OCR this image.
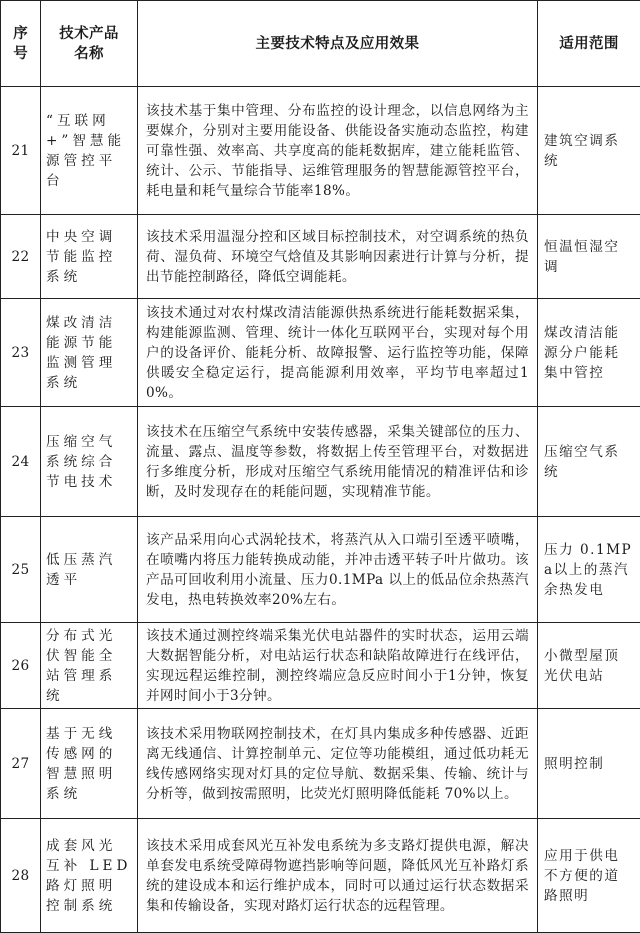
序号	技术产品名称	主要技术特点及应用效果	适用范围
21	“互联网+”智慧能源管控平台	该技术基于集中管理、分布监控的设计理念，以信息网络为主要媒介，分别对主要用能设备、供能设备实施动态监控，构建可靠性强、效率高、共享度高的能耗数据库，建立能耗监管、统计、公示、节能指导、运维管理服务的智慧能源管控平台，耗电量和耗气量综合节能率18%。	建筑空调系统
22	中央空调节能监控系统	该技术采用温湿分控和区域目标控制技术，对空调系统的热负荷、湿负荷、环境空气焓值及其影响因素进行计算与分析，提出节能控制路径，降低空调能耗。	恒温恒湿空调
23	煤改清洁能源节能监测管理系统	该技术通过对农村煤改清洁能源供热系统进行能耗数据采集，构建能源监测、管理、统计一体化互联网平台，实现对每个用户的设备评价、能耗分析、故障报警、运行监控等功能，保障供暖安全稳定运行，提高能源利用效率，平均节电率超过10%。	煤改清洁能源分户能耗集中管控
24	压缩空气系统综合节电技术	该技术在压缩空气系统中安装传感器，采集关键部位的压力、流量、露点、温度等参数，将数据上传至管理平台，对数据进行多维度分析，形成对压缩空气系统用能情况的精准评估和诊断，及时发现存在的耗能问题，实现精准节能。	压缩空气系统
25	低压蒸汽透平	该产品采用向心式涡轮技术，将蒸汽从入口端引至透平喷嘴，在喷嘴内将压力能转换成动能，并冲击透平转子叶片做功。该产品可回收利用小流量、压力0.1MPa 以上的低品位余热蒸汽发电，热电转换效率20%左右。	压力 0.1MPa以上的蒸汽余热发电
26	分布式光伏智能全站管理系统	该技术通过测控终端采集光伏电站器件的实时状态，运用云端大数据智能分析，对电站运行状态和缺陷故障进行在线评估，实现远程运维控制，测控终端应急反应时间小于1分钟，恢复并网时间小于3分钟。	小微型屋顶光伏电站
27	基于无线传感网的智慧照明系统	该技术采用物联网控制技术，在灯具内集成多种传感器、近距离无线通信、计算控制单元、定位等功能模组，通过低功耗无线传感网络实现对灯具的定位导航、数据采集、传输、统计与分析等，做到按需照明，比荧光灯照明降低能耗 70%以上。	照明控制
28	成套风光互补 LED 路灯照明控制系统	该技术采用成套风光互补发电系统为多支路灯提供电源，解决单套发电系统受障碍物遮挡影响等问题，降低风光互补路灯系统的建设成本和运行维护成本，同时可以通过运行状态数据采集和传输设备，实现对路灯运行状态的远程管理。	应用于供电不方便的道路照明
